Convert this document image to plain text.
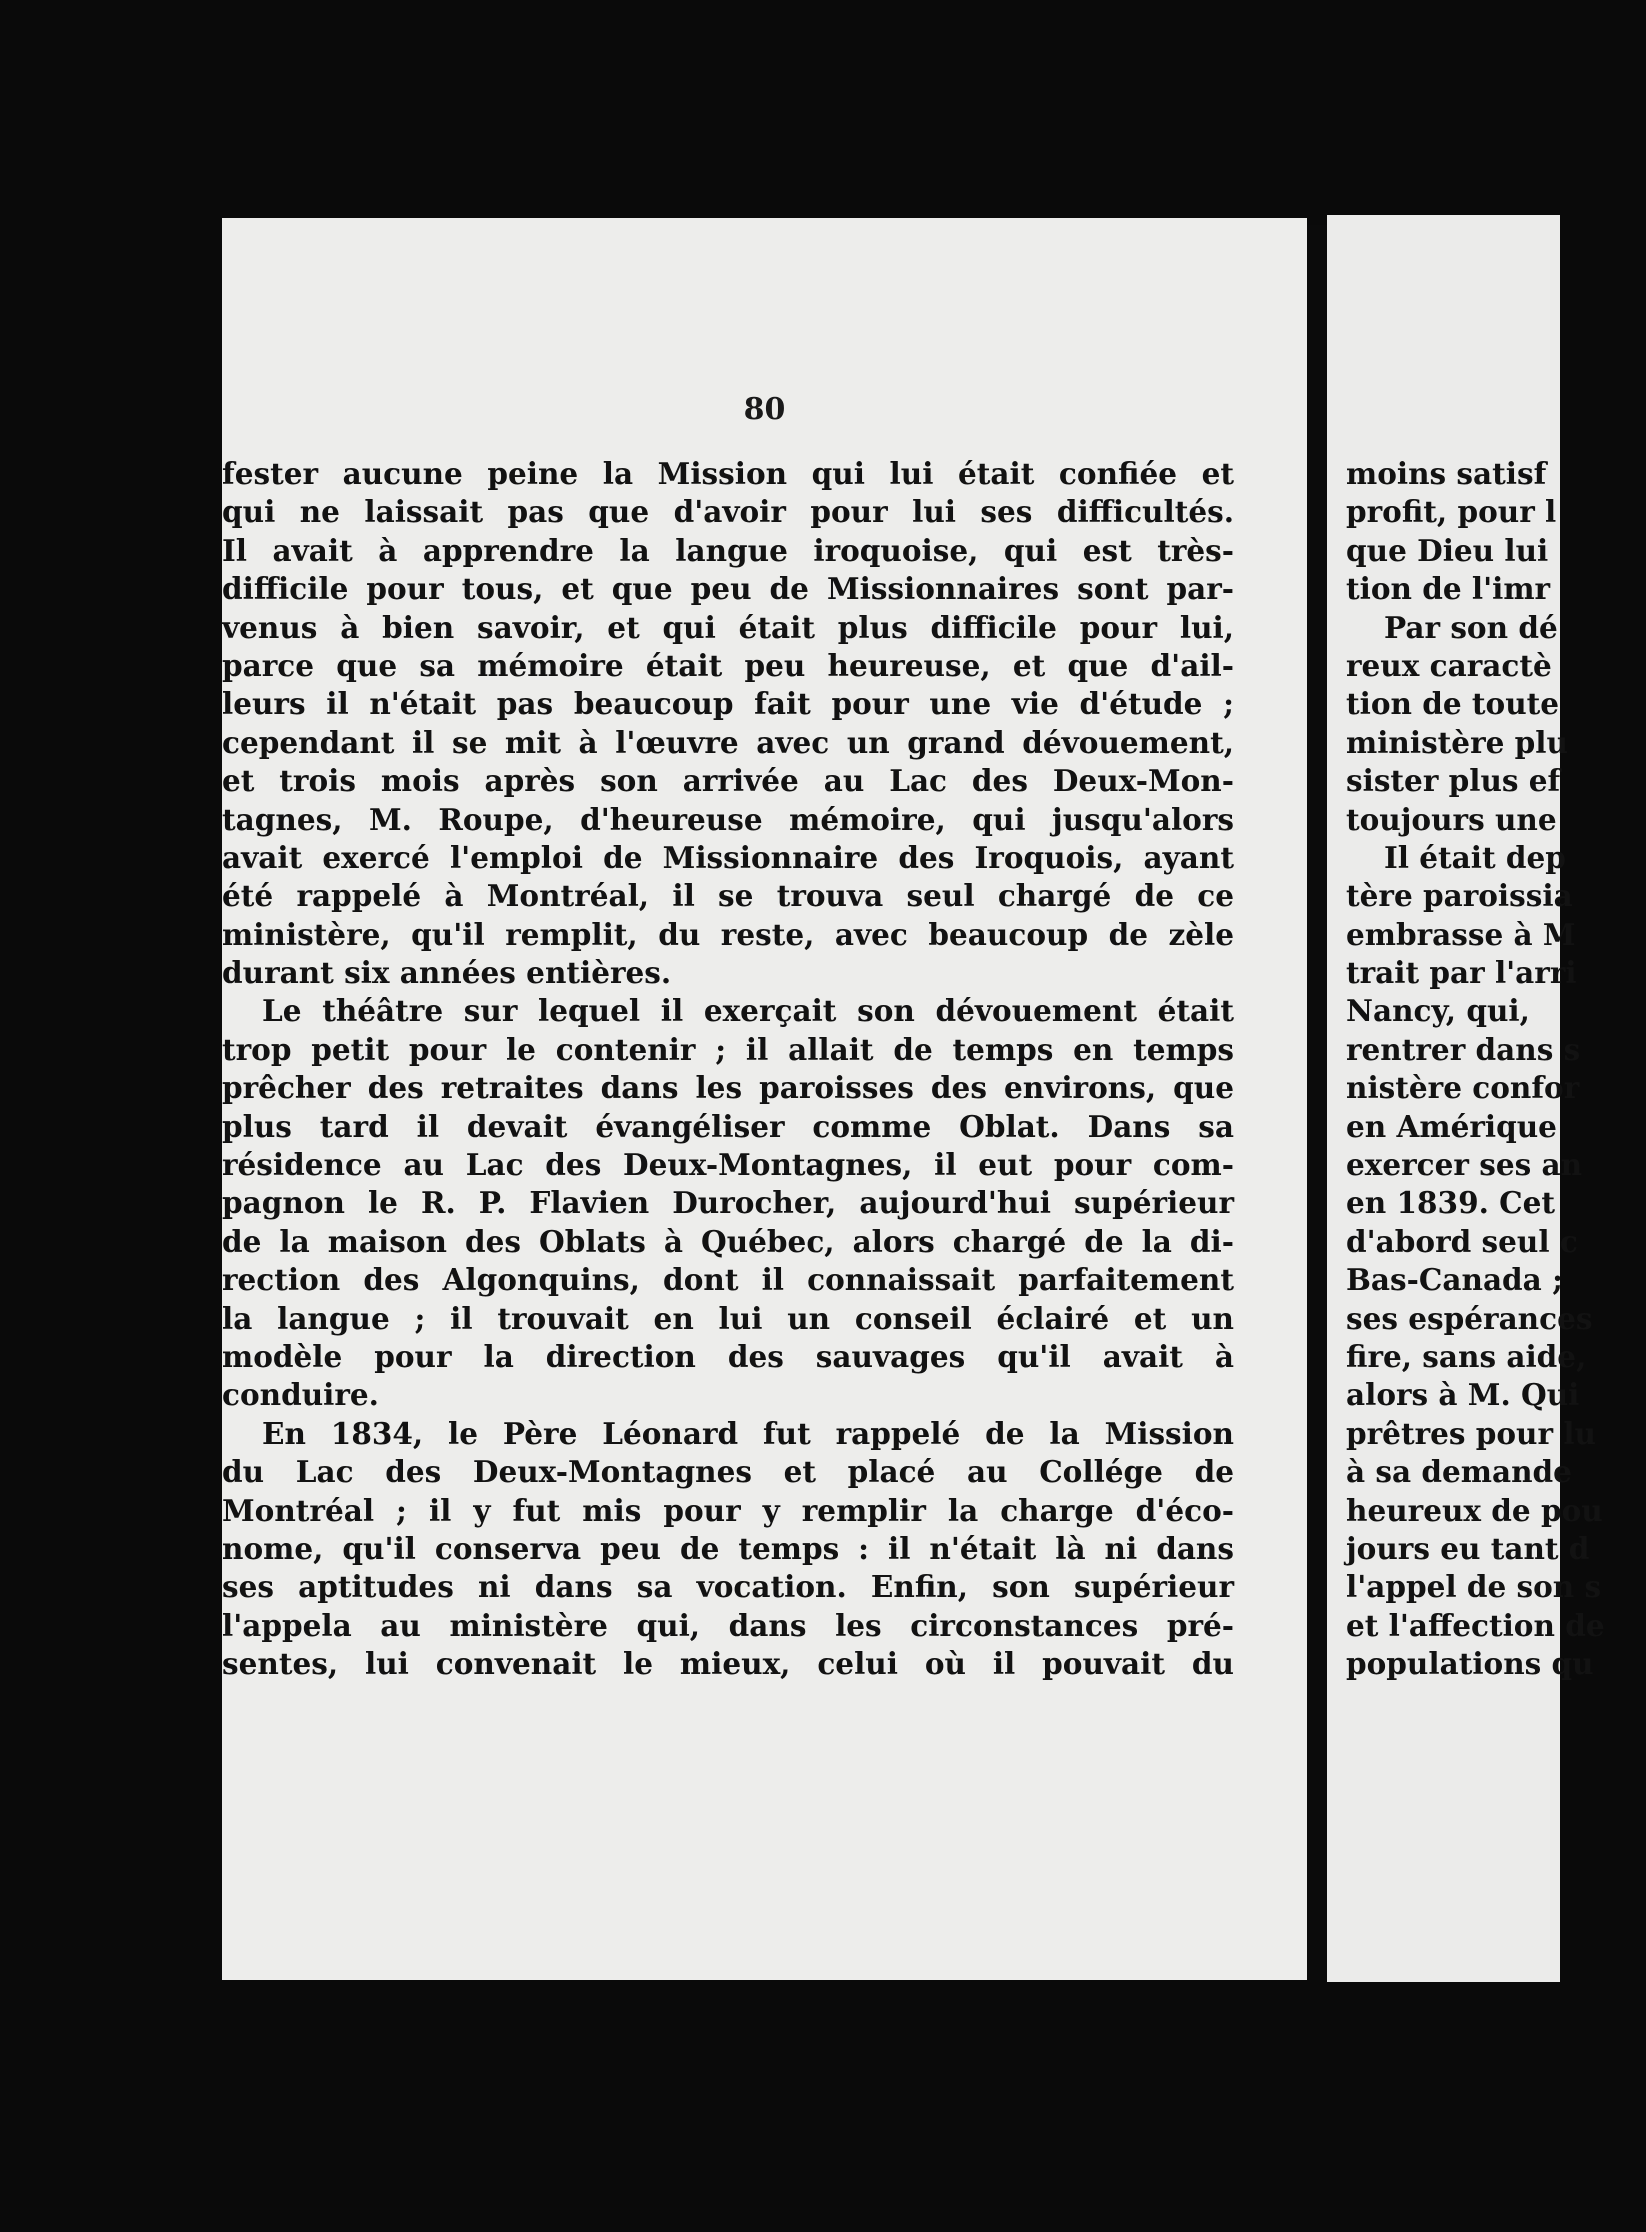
80

fester aucune peine la Mission qui lui était confiée et
qui ne laissait pas que d'avoir pour lui ses difficultés.
Il avait à apprendre la langue iroquoise, qui est très-
difficile pour tous, et que peu de Missionnaires sont par-
venus à bien savoir, et qui était plus difficile pour lui,
parce que sa mémoire était peu heureuse, et que d'ail-
leurs il n'était pas beaucoup fait pour une vie d'étude ;
cependant il se mit à l'œuvre avec un grand dévouement,
et trois mois après son arrivée au Lac des Deux-Mon-
tagnes, M. Roupe, d'heureuse mémoire, qui jusqu'alors
avait exercé l'emploi de Missionnaire des Iroquois, ayant
été rappelé à Montréal, il se trouva seul chargé de ce
ministère, qu'il remplit, du reste, avec beaucoup de zèle
durant six années entières.
Le théâtre sur lequel il exerçait son dévouement était
trop petit pour le contenir ; il allait de temps en temps
prêcher des retraites dans les paroisses des environs, que
plus tard il devait évangéliser comme Oblat. Dans sa
résidence au Lac des Deux-Montagnes, il eut pour com-
pagnon le R. P. Flavien Durocher, aujourd'hui supérieur
de la maison des Oblats à Québec, alors chargé de la di-
rection des Algonquins, dont il connaissait parfaitement
la langue ; il trouvait en lui un conseil éclairé et un
modèle pour la direction des sauvages qu'il avait à
conduire.
En 1834, le Père Léonard fut rappelé de la Mission
du Lac des Deux-Montagnes et placé au Collége de
Montréal ; il y fut mis pour y remplir la charge d'éco-
nome, qu'il conserva peu de temps : il n'était là ni dans
ses aptitudes ni dans sa vocation. Enfin, son supérieur
l'appela au ministère qui, dans les circonstances pré-
sentes, lui convenait le mieux, celui où il pouvait du
moins satisf
profit, pour l
que Dieu lui
tion de l'imr
Par son dé
reux caractè
tion de toute
ministère plu
sister plus ef
toujours une
Il était dep
tère paroissia
embrasse à M
trait par l'arri
Nancy, qui,
rentrer dans s
nistère confor
en Amérique
exercer ses an
en 1839. Cet
d'abord seul c
Bas-Canada ;
ses espérances
fire, sans aide,
alors à M. Qui
prêtres pour lu
à sa demande
heureux de pou
jours eu tant d
l'appel de son s
et l'affection de
populations qu
